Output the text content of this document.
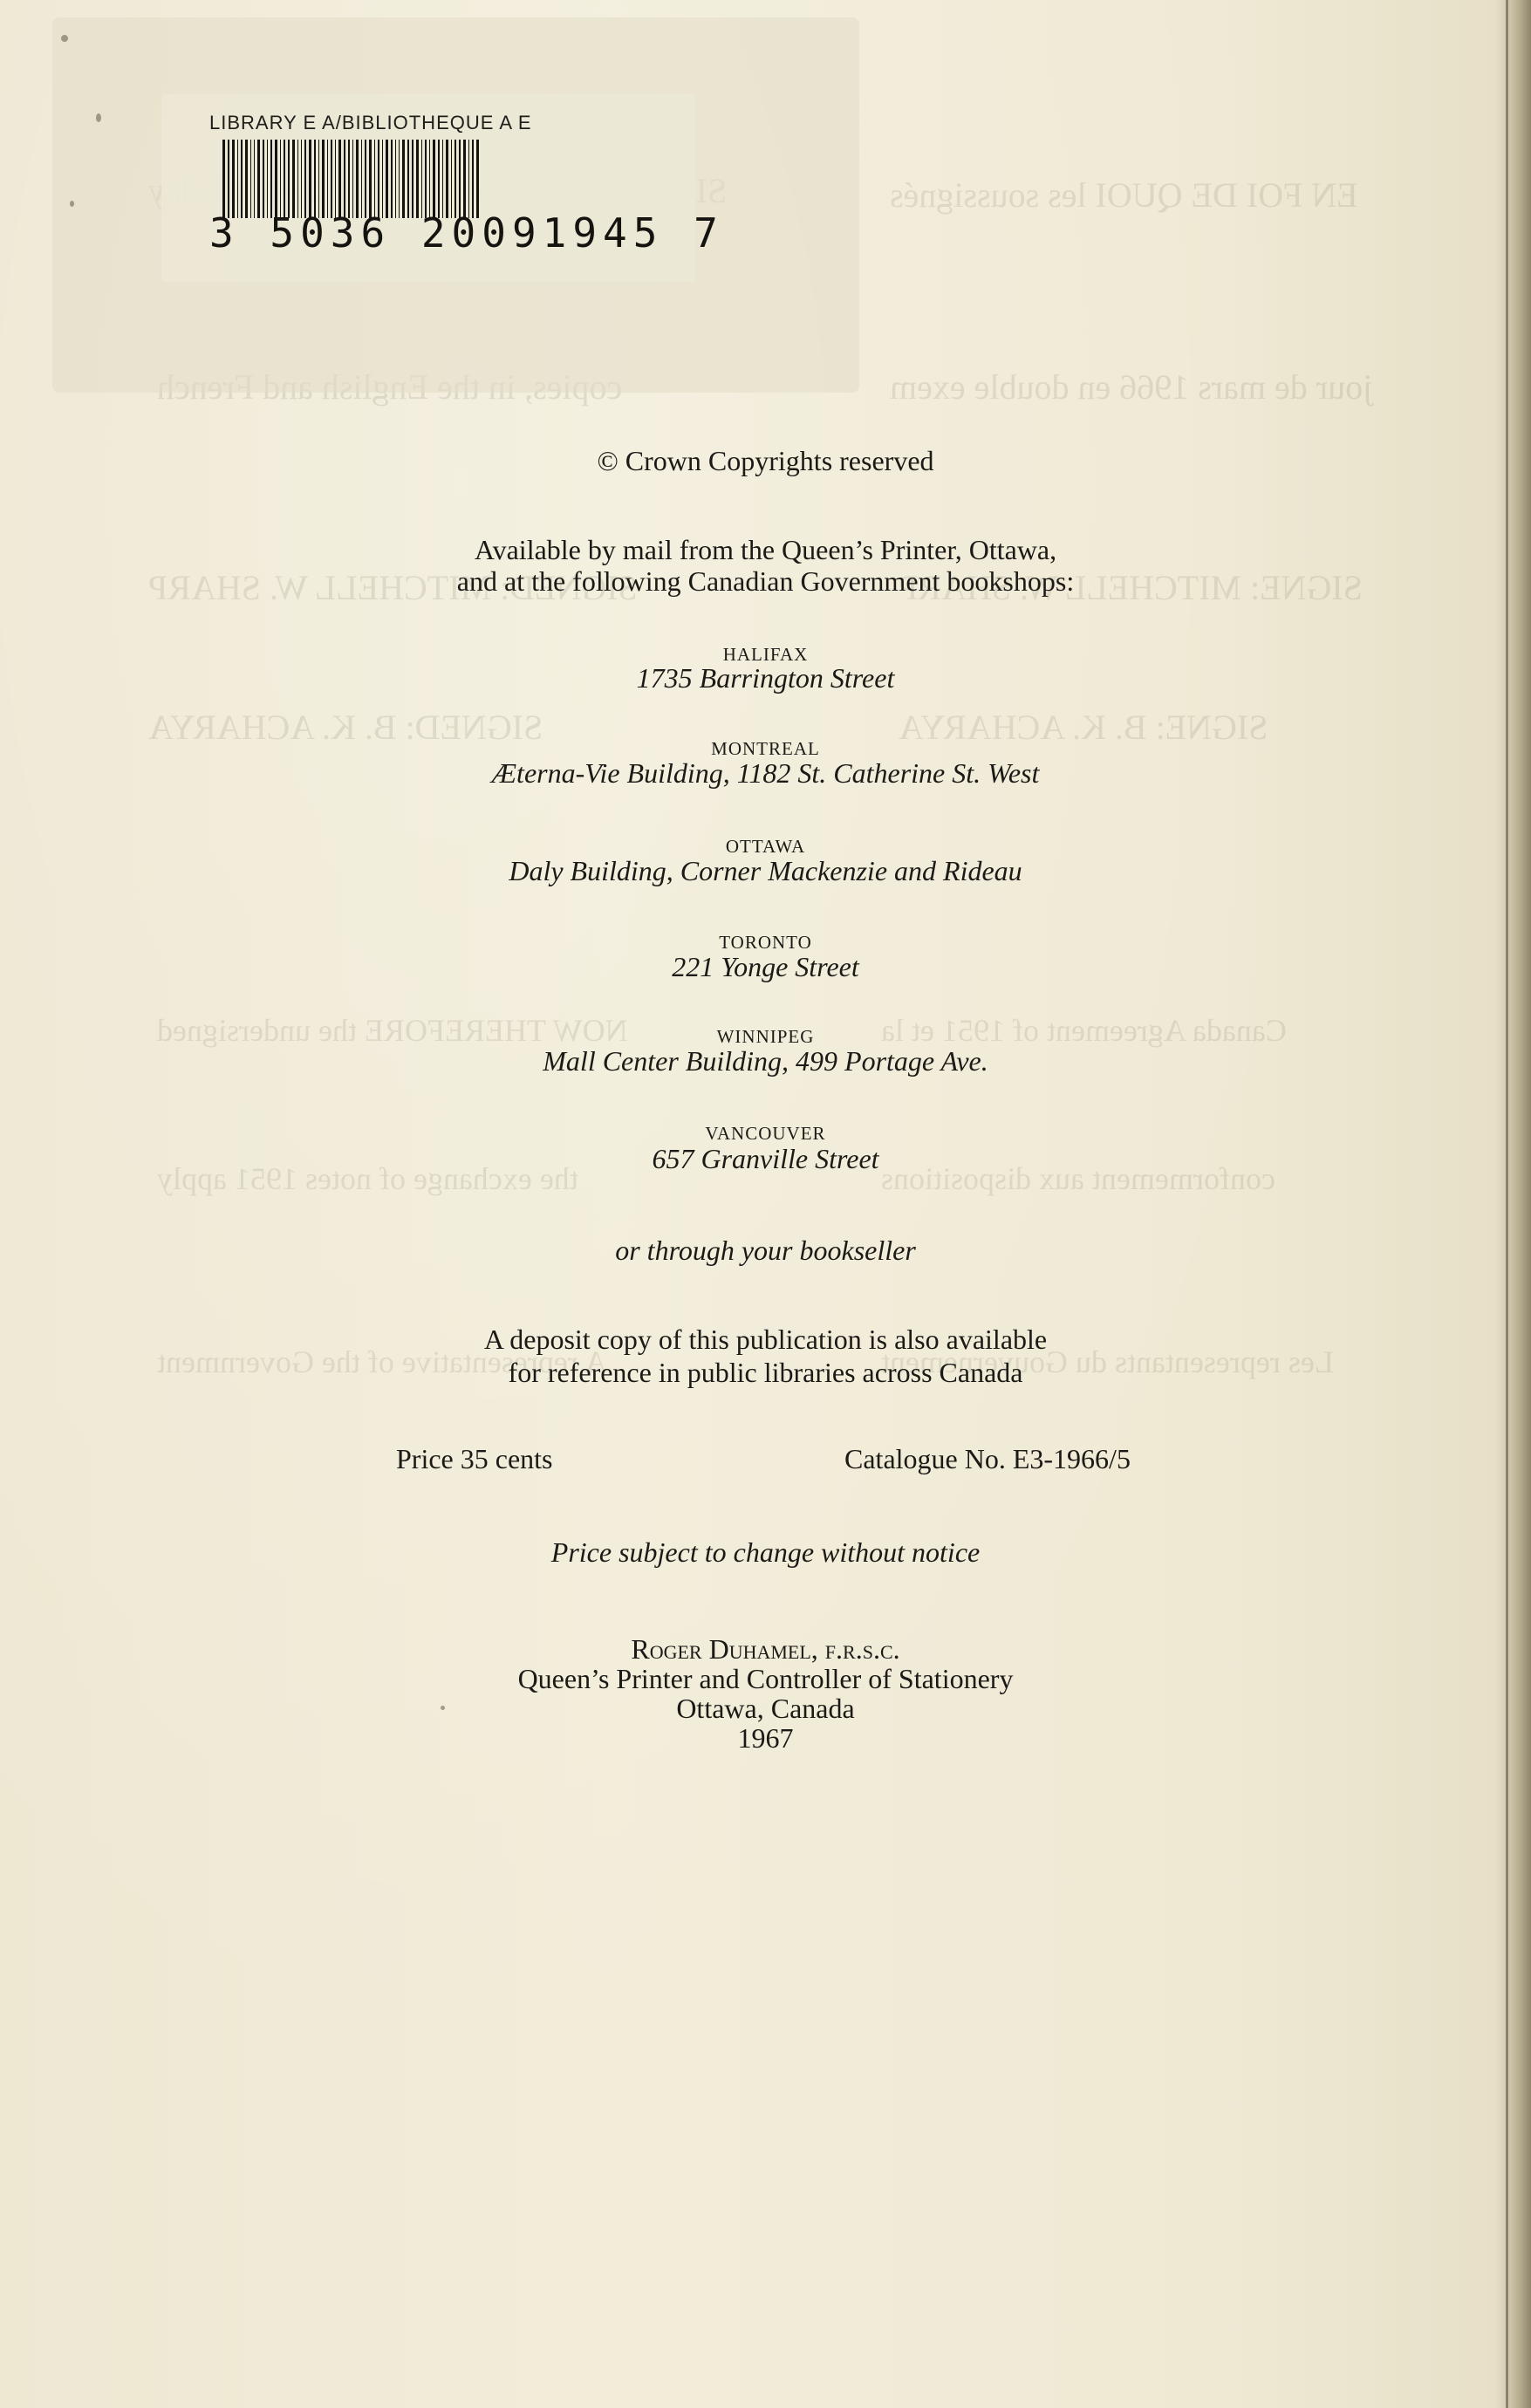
EN FOI DE QUOI les soussignés
jour de mars 1966 en double exem
SIGNED: MITCHELL W. SHARP	SIGNE: MITCHELL W. SHARP
SIGNED: B. K. ACHARYA	SIGNE: B. K. ACHARYA
NOW THEREFORE the undersigned	Canada Agreement of 1951 et la
the exchange of notes 1951 apply	conformement aux dispositions
A representative of the Government	Les representants du Gouvernement
LIBRARY E A/BIBLIOTHEQUE A E
3 5036 20091945 7
© Crown Copyrights reserved
Available by mail from the Queen’s Printer, Ottawa,
and at the following Canadian Government bookshops:
HALIFAX
1735 Barrington Street
MONTREAL
Æterna-Vie Building, 1182 St. Catherine St. West
OTTAWA
Daly Building, Corner Mackenzie and Rideau
TORONTO
221 Yonge Street
WINNIPEG
Mall Center Building, 499 Portage Ave.
VANCOUVER
657 Granville Street
or through your bookseller
A deposit copy of this publication is also available
for reference in public libraries across Canada
Price 35 cents	Catalogue No. E3-1966/5
Price subject to change without notice
Roger Duhamel, f.r.s.c.
Queen’s Printer and Controller of Stationery
Ottawa, Canada
1967
